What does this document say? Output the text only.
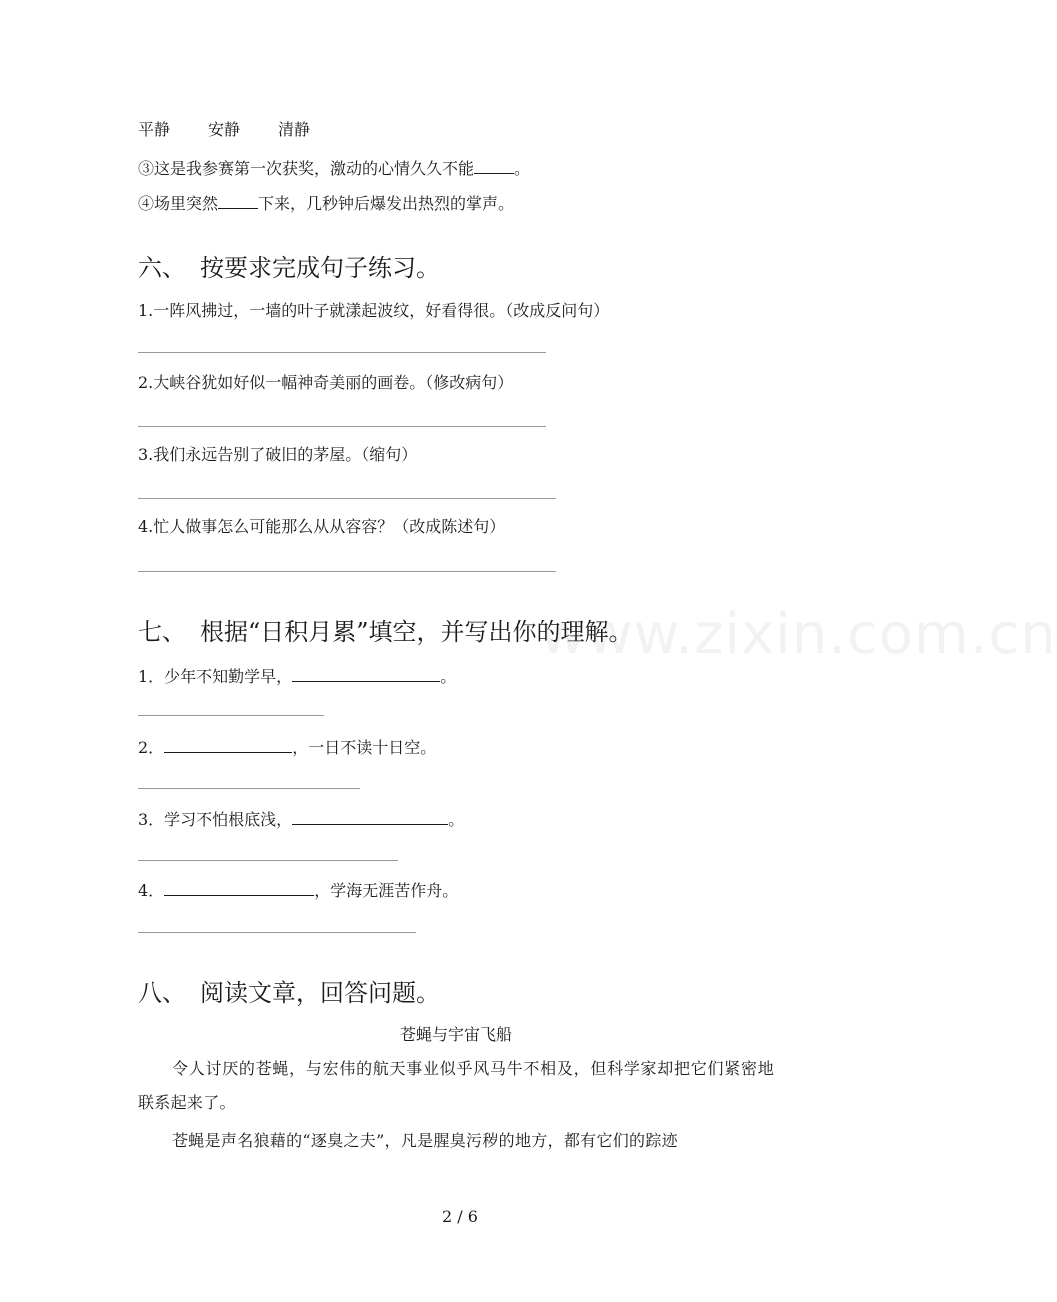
www.zixin.com.cn
平静 安静 清静
③这是我参赛第一次获奖，激动的心情久久不能	。
④场里突然	下来，几秒钟后爆发出热烈的掌声。
六、 按要求完成句子练习。
1.一阵风拂过，一墙的叶子就漾起波纹，好看得很。（改成反问句）
2.大峡谷犹如好似一幅神奇美丽的画卷。（修改病句）
3.我们永远告别了破旧的茅屋。（缩句）
4.忙人做事怎么可能那么从从容容？（改成陈述句）
七、 根据“日积月累”填空，并写出你的理解。
1．少年不知勤学早，	。
2．	，一日不读十日空。
3．学习不怕根底浅，	。
4．	，学海无涯苦作舟。
八、 阅读文章，回答问题。
苍蝇与宇宙飞船
令人讨厌的苍蝇，与宏伟的航天事业似乎风马牛不相及，但科学家却把它们紧密地联系起来了。
苍蝇是声名狼藉的“逐臭之夫”，凡是腥臭污秽的地方，都有它们的踪迹
2 / 6
